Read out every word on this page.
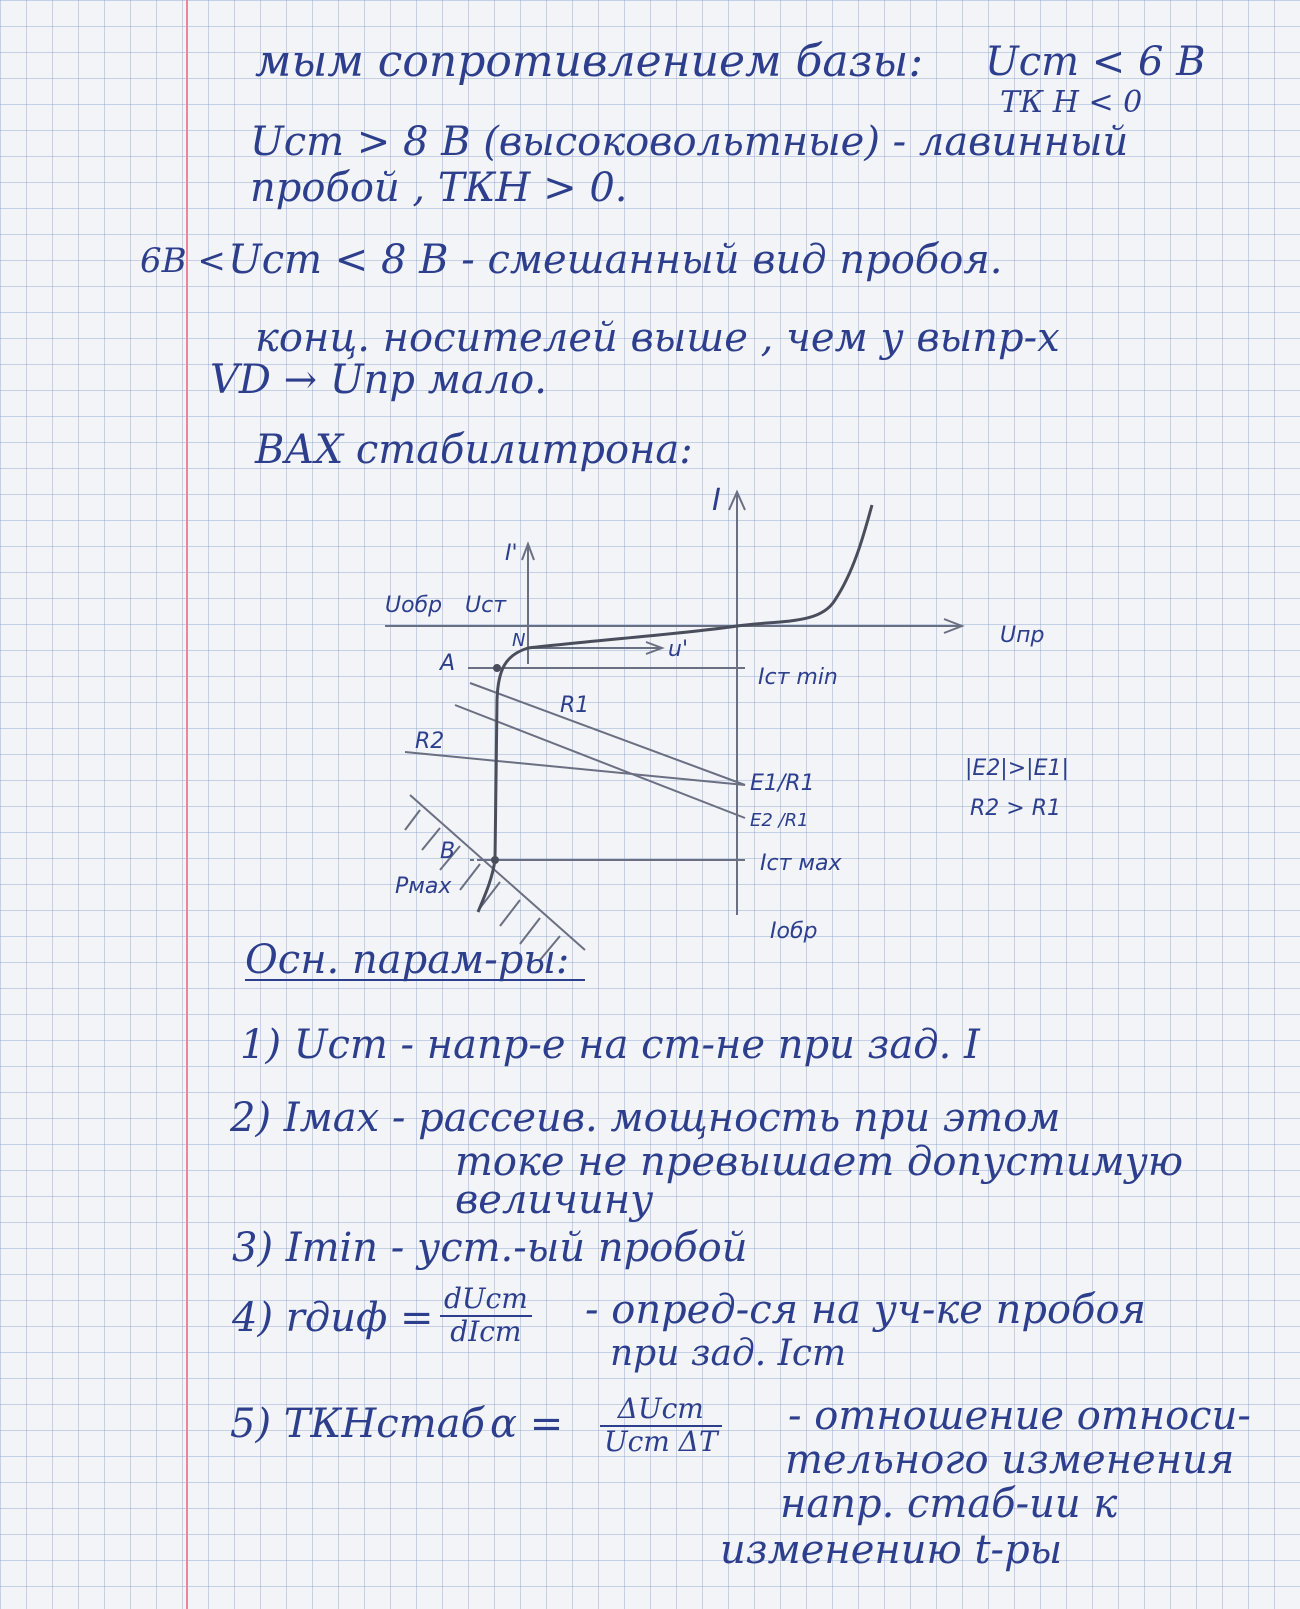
мым сопротивлением базы: Uст < 6 В
ТК Н < 0
Uст > 8 В (высоковольтные) - лавинный
пробой , ТКН > 0.
6В < Uст < 8 В - смешанный вид пробоя.
конц. носителей выше , чем у выпр-х
VD → Uпр мало.
ВАХ стабилитрона:
I
I'
Uобр Uст
Uпр
N	u'
A
R1
R2
Iст min
E1/R1
E2 /R1
B	Iст мах
Pмах
Iобр
|E2|>|E1|
R2 > R1
Осн. парам-ры:
1) Uст - напр-е на ст-не при зад. I
2) Iмах - рассеив. мощность при этом
токе не превышает допустимую
величину
3) Imin - уст.-ый пробой
4) rдиф = dUст
dIст - опред-ся на уч-ке пробоя
при зад. Iст
5) ТКНстаб α =	ΔUст
Uст ΔT
- отношение относи-
тельного изменения
напр. стаб-ии к
изменению t-ры
